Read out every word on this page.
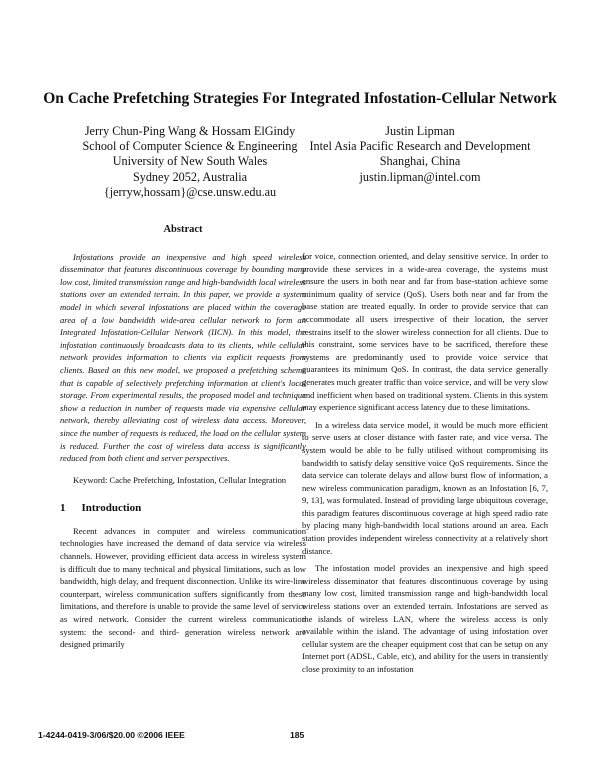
On Cache Prefetching Strategies For Integrated Infostation-Cellular Network
Jerry Chun-Ping Wang & Hossam ElGindy
School of Computer Science & Engineering
University of New South Wales
Sydney 2052, Australia
{jerryw,hossam}@cse.unsw.edu.au
Justin Lipman
Intel Asia Pacific Research and Development
Shanghai, China
justin.lipman@intel.com
Abstract

Infostations provide an inexpensive and high speed wireless disseminator that features discontinuous coverage by bounding many low cost, limited transmission range and high-bandwidth local wireless stations over an extended terrain. In this paper, we provide a system model in which several infostations are placed within the coverage area of a low bandwidth wide-area cellular network to form an Integrated Infostation-Cellular Network (IICN). In this model, the infostation continuously broadcasts data to its clients, while cellular network provides information to clients via explicit requests from clients. Based on this new model, we proposed a prefetching scheme that is capable of selectively prefetching information at client's local storage. From experimental results, the proposed model and technique show a reduction in number of requests made via expensive cellular network, thereby alleviating cost of wireless data access. Moreover, since the number of requests is reduced, the load on the cellular system is reduced. Further the cost of wireless data access is significantly reduced from both client and server perspectives.

Keyword: Cache Prefetching, Infostation, Cellular Integration

1 Introduction

Recent advances in computer and wireless communication technologies have increased the demand of data service via wireless channels. However, providing efficient data access in wireless system is difficult due to many technical and physical limitations, such as low bandwidth, high delay, and frequent disconnection. Unlike its wire-line counterpart, wireless communication suffers significantly from these limitations, and therefore is unable to provide the same level of service as wired network. Consider the current wireless communication system: the second- and third- generation wireless network are designed primarily

for voice, connection oriented, and delay sensitive service. In order to provide these services in a wide-area coverage, the systems must ensure the users in both near and far from base-station achieve some minimum quality of service (QoS). Users both near and far from the base station are treated equally. In order to provide service that can accommodate all users irrespective of their location, the server restrains itself to the slower wireless connection for all clients. Due to this constraint, some services have to be sacrificed, therefore these systems are predominantly used to provide voice service that guarantees its minimum QoS. In contrast, the data service generally generates much greater traffic than voice service, and will be very slow and inefficient when based on traditional system. Clients in this system may experience significant access latency due to these limitations.

In a wireless data service model, it would be much more efficient to serve users at closer distance with faster rate, and vice versa. The system would be able to be fully utilised without compromising its bandwidth to satisfy delay sensitive voice QoS requirements. Since the data service can tolerate delays and allow burst flow of information, a new wireless communication paradigm, known as an Infostation [6, 7, 9, 13], was formulated. Instead of providing large ubiquitous coverage, this paradigm features discontinuous coverage at high speed radio rate by placing many high-bandwidth local stations around an area. Each station provides independent wireless connectivity at a relatively short distance.

The infostation model provides an inexpensive and high speed wireless disseminator that features discontinuous coverage by using many low cost, limited transmission range and high-bandwidth local wireless stations over an extended terrain. Infostations are served as the islands of wireless LAN, where the wireless access is only available within the island. The advantage of using infostation over cellular system are the cheaper equipment cost that can be setup on any Internet port (ADSL, Cable, etc), and ability for the users in transiently close proximity to an infostation

1-4244-0419-3/06/$20.00 ©2006 IEEE	185
